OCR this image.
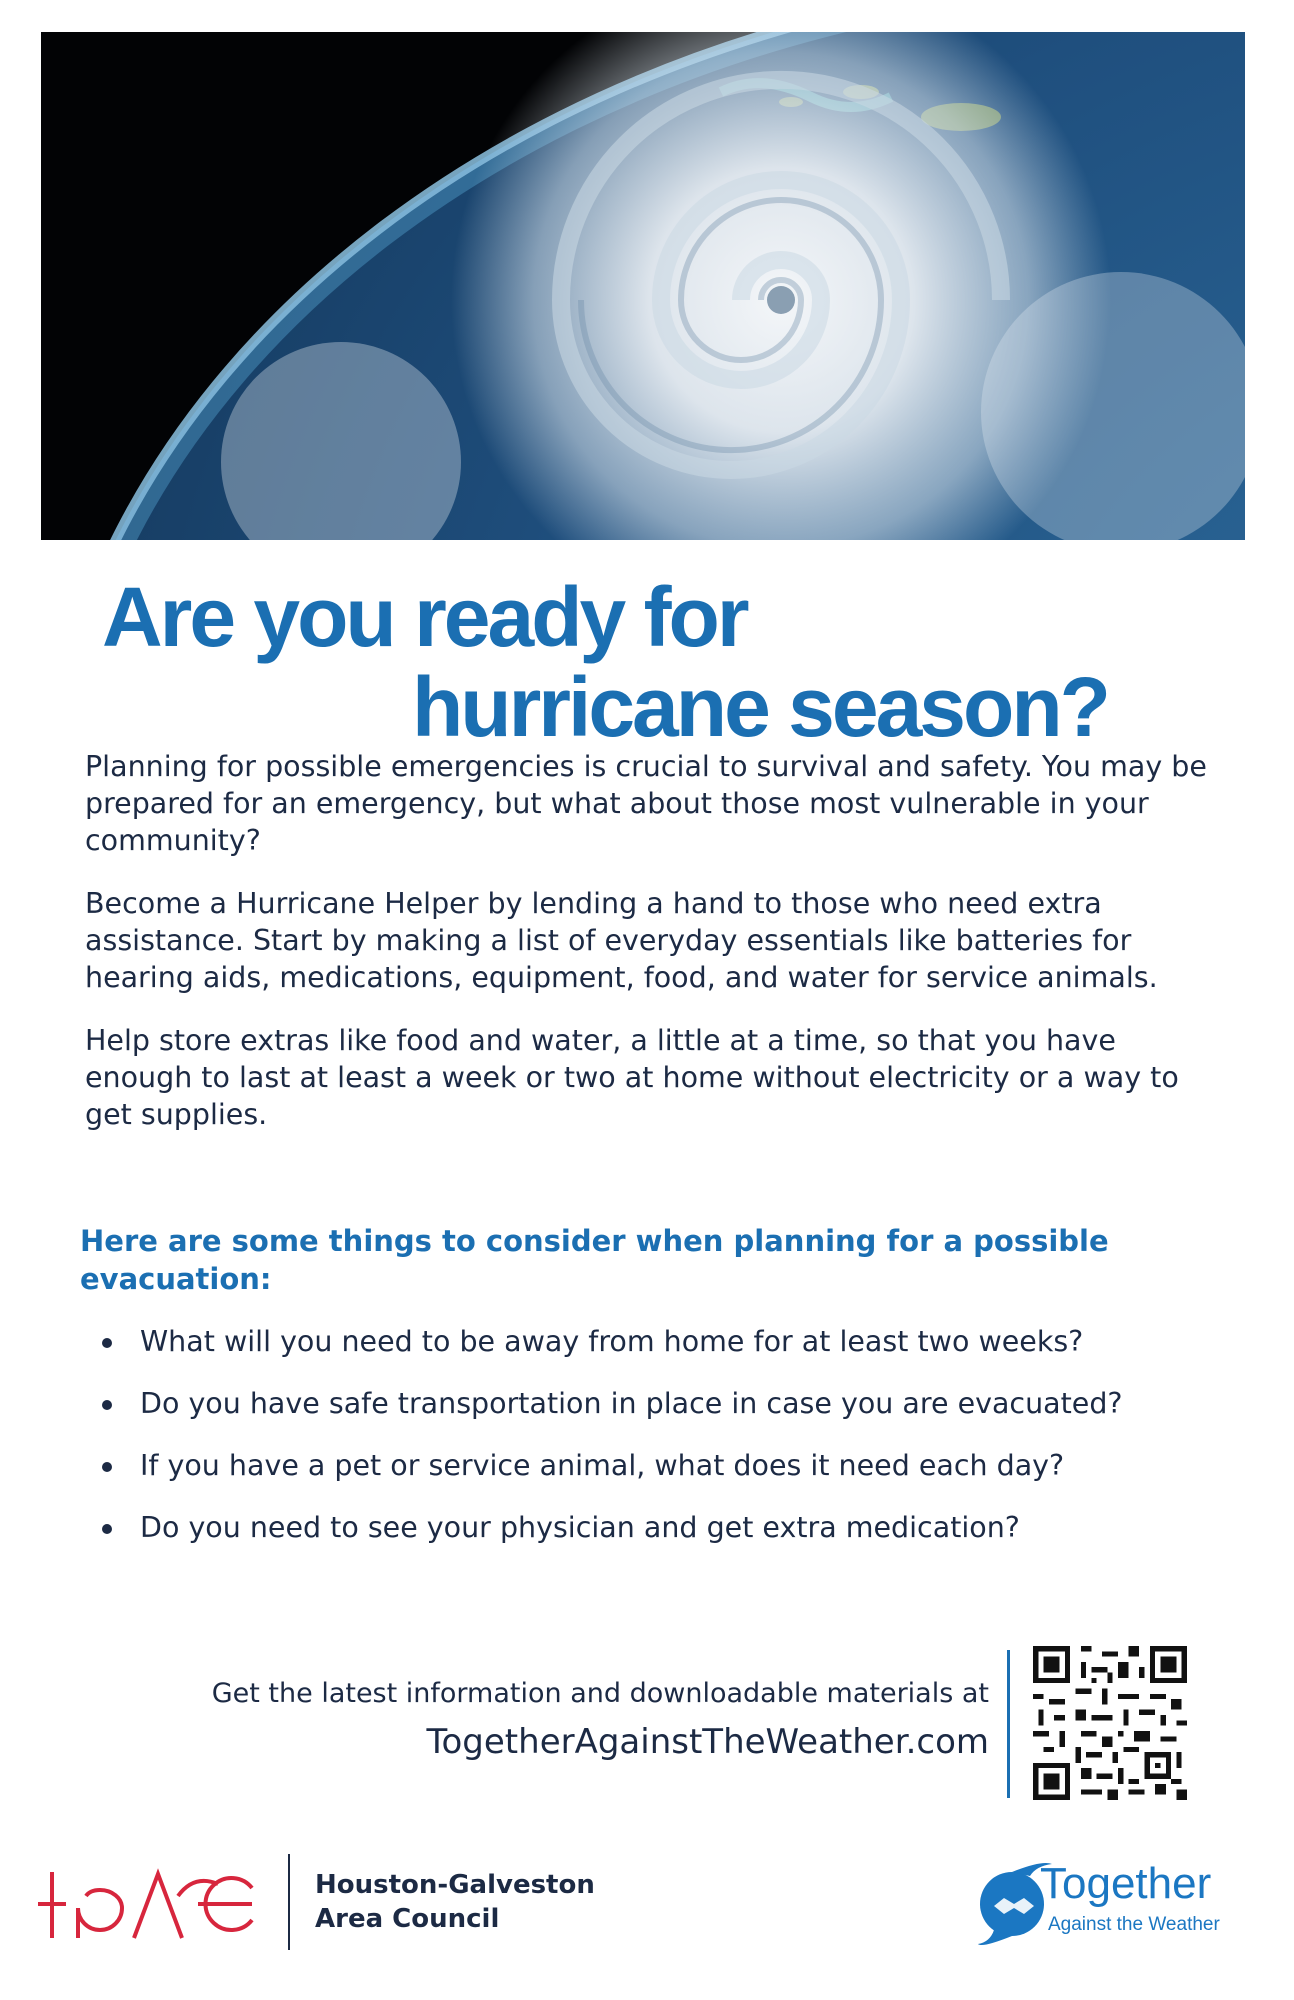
Are you ready for
hurricane season?

Planning for possible emergencies is crucial to survival and safety. You may be prepared for an emergency, but what about those most vulnerable in your community?

Become a Hurricane Helper by lending a hand to those who need extra assistance. Start by making a list of everyday essentials like batteries for hearing aids, medications, equipment, food, and water for service animals.

Help store extras like food and water, a little at a time, so that you have enough to last at least a week or two at home without electricity or a way to get supplies.

Here are some things to consider when planning for a possible evacuation:
What will you need to be away from home for at least two weeks?
Do you have safe transportation in place in case you are evacuated?
If you have a pet or service animal, what does it need each day?
Do you need to see your physician and get extra medication?
Get the latest information and downloadable materials at
TogetherAgainstTheWeather.com
Houston-Galveston
Area Council
Together
Against the Weather
